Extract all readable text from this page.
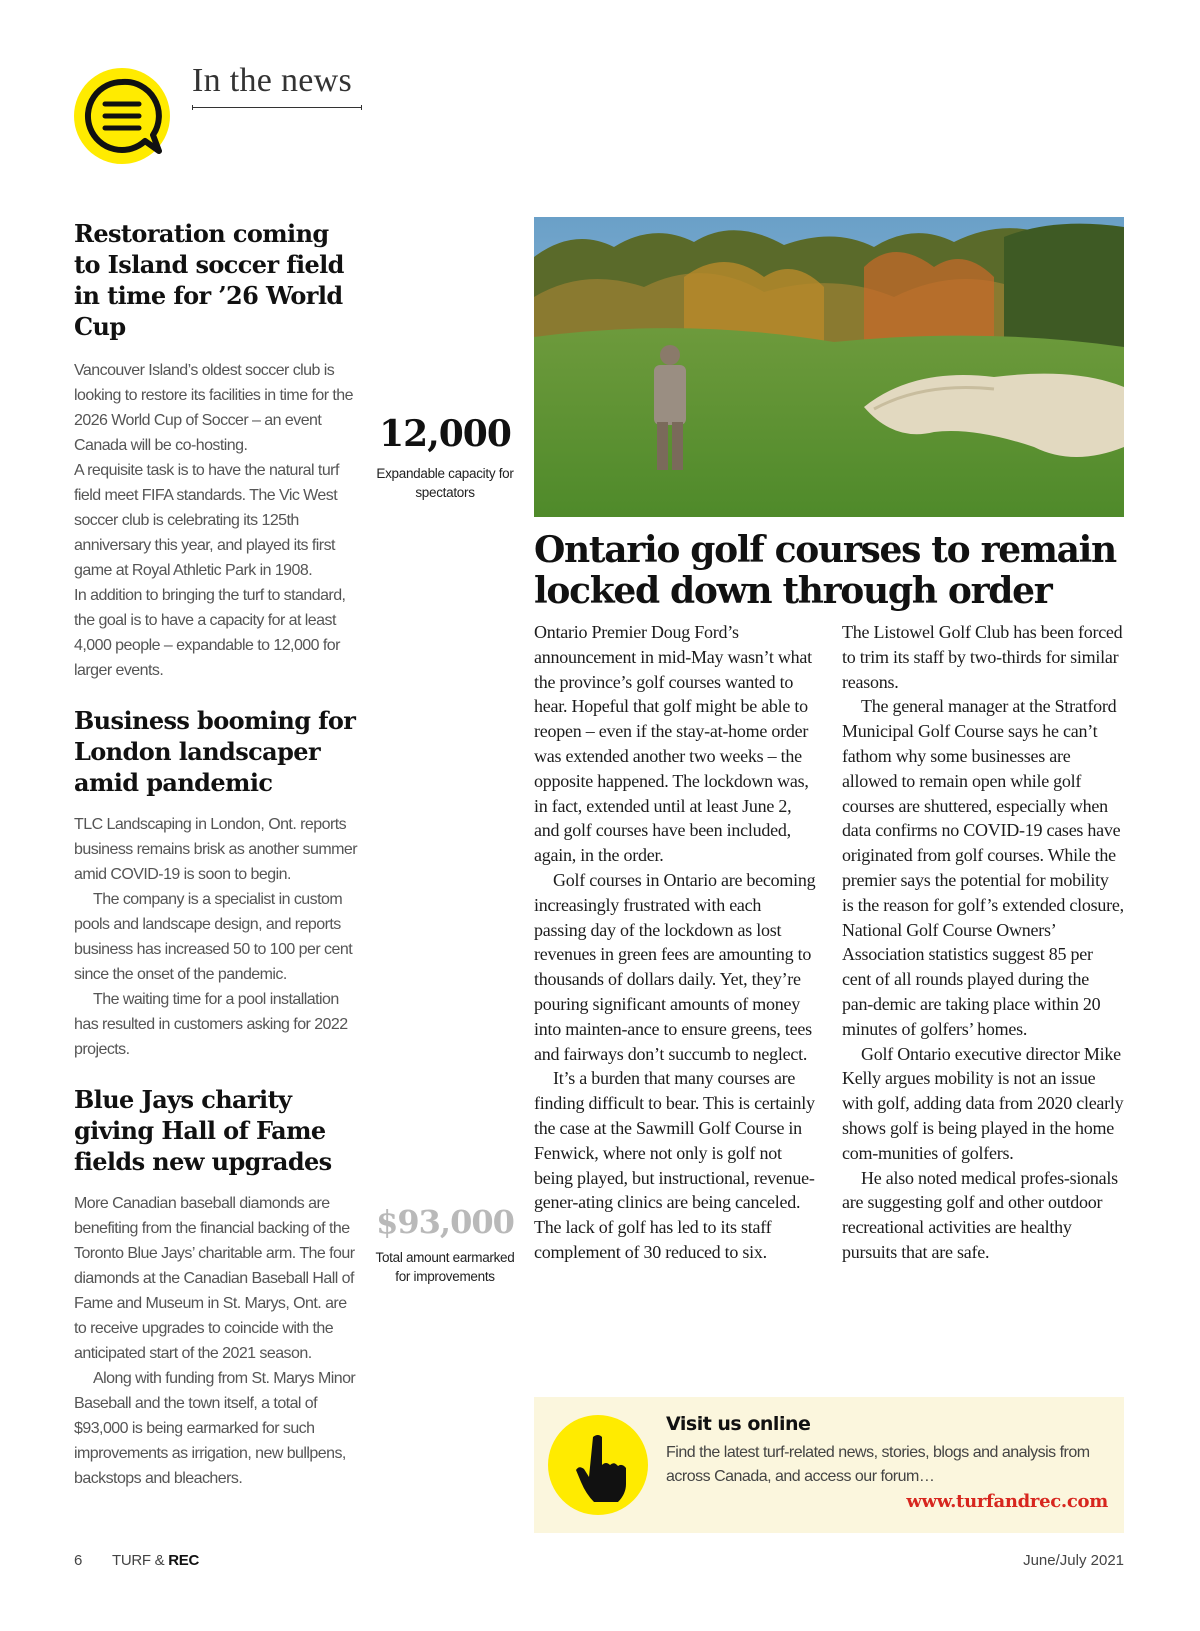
In the news
Restoration coming to Island soccer field in time for ’26 World Cup

Vancouver Island’s oldest soccer club is looking to restore its facilities in time for the 2026 World Cup of Soccer – an event Canada will be co-hosting.

A requisite task is to have the natural turf field meet FIFA standards. The Vic West soccer club is celebrating its 125th anniversary this year, and played its first game at Royal Athletic Park in 1908.

In addition to bringing the turf to standard, the goal is to have a capacity for at least 4,000 people – expandable to 12,000 for larger events.

Business booming for London landscaper amid pandemic

TLC Landscaping in London, Ont. reports business remains brisk as another summer amid COVID-19 is soon to begin.

The company is a specialist in custom pools and landscape design, and reports business has increased 50 to 100 per cent since the onset of the pandemic.

The waiting time for a pool installation has resulted in customers asking for 2022 projects.

Blue Jays charity giving Hall of Fame fields new upgrades

More Canadian baseball diamonds are benefiting from the financial backing of the Toronto Blue Jays’ charitable arm. The four diamonds at the Canadian Baseball Hall of Fame and Museum in St. Marys, Ont. are to receive upgrades to coincide with the anticipated start of the 2021 season.

Along with funding from St. Marys Minor Baseball and the town itself, a total of $93,000 is being earmarked for such improvements as irrigation, new bullpens, backstops and bleachers.

12,000
Expandable capacity for spectators
$93,000
Total amount earmarked for improvements
Ontario golf courses to remain locked down through order

Ontario Premier Doug Ford’s announcement in mid-May wasn’t what the province’s golf courses wanted to hear. Hopeful that golf might be able to reopen – even if the stay-at-home order was extended another two weeks – the opposite happened. The lockdown was, in fact, extended until at least June 2, and golf courses have been included, again, in the order.

Golf courses in Ontario are becoming increasingly frustrated with each passing day of the lockdown as lost revenues in green fees are amounting to thousands of dollars daily. Yet, they’re pouring significant amounts of money into mainten-ance to ensure greens, tees and fairways don’t succumb to neglect.

It’s a burden that many courses are finding difficult to bear. This is certainly the case at the Sawmill Golf Course in Fenwick, where not only is golf not being played, but instructional, revenue-gener-ating clinics are being canceled. The lack of golf has led to its staff complement of 30 reduced to six.

The Listowel Golf Club has been forced to trim its staff by two-thirds for similar reasons.

The general manager at the Stratford Municipal Golf Course says he can’t fathom why some businesses are allowed to remain open while golf courses are shuttered, especially when data confirms no COVID-19 cases have originated from golf courses. While the premier says the potential for mobility is the reason for golf’s extended closure, National Golf Course Owners’ Association statistics suggest 85 per cent of all rounds played during the pan-demic are taking place within 20 minutes of golfers’ homes.

Golf Ontario executive director Mike Kelly argues mobility is not an issue with golf, adding data from 2020 clearly shows golf is being played in the home com-munities of golfers.

He also noted medical profes-sionals are suggesting golf and other outdoor recreational activities are healthy pursuits that are safe.

Visit us online
Find the latest turf-related news, stories, blogs and analysis from across Canada, and access our forum…
www.turfandrec.com
6 TURF & REC	June/July 2021
